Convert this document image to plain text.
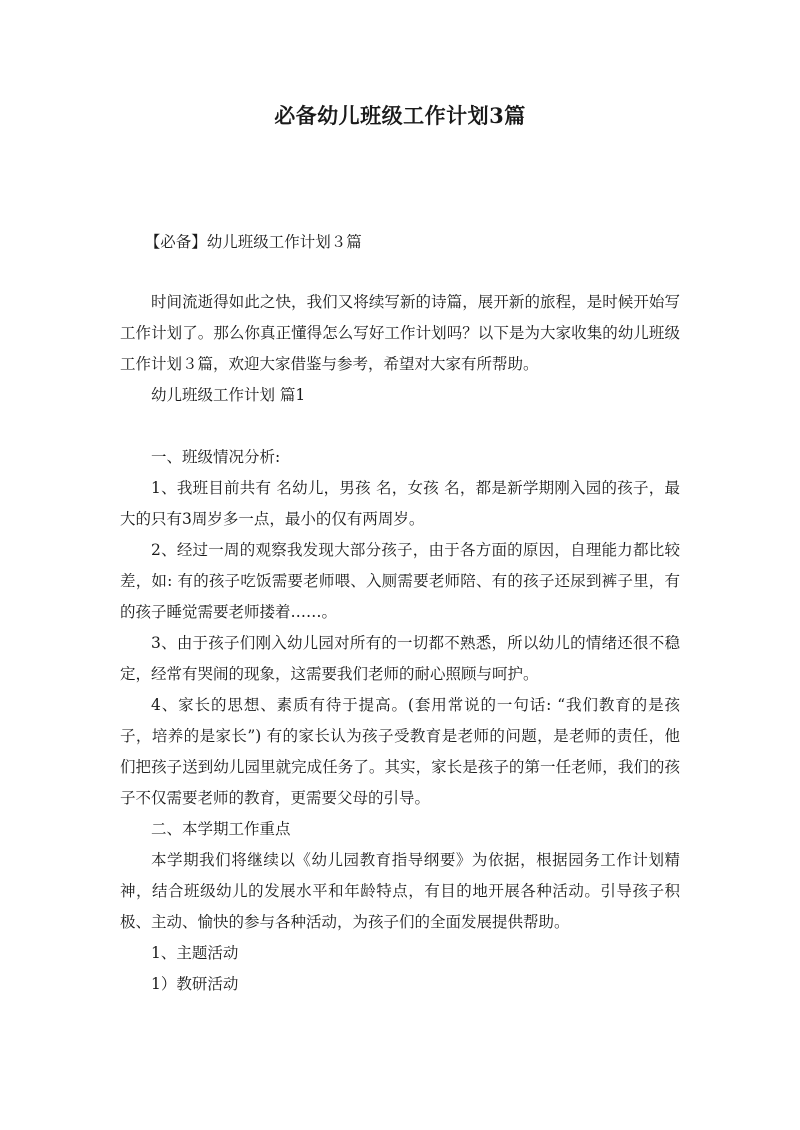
必备幼儿班级工作计划3篇

【必备】幼儿班级工作计划３篇

时间流逝得如此之快，我们又将续写新的诗篇，展开新的旅程，是时候开始写工作计划了。那么你真正懂得怎么写好工作计划吗？以下是为大家收集的幼儿班级工作计划３篇，欢迎大家借鉴与参考，希望对大家有所帮助。

幼儿班级工作计划 篇1

一、班级情况分析:

1、我班目前共有 名幼儿，男孩 名，女孩 名，都是新学期刚入园的孩子，最大的只有3周岁多一点，最小的仅有两周岁。

2、经过一周的观察我发现大部分孩子，由于各方面的原因，自理能力都比较差，如: 有的孩子吃饭需要老师喂、入厕需要老师陪、有的孩子还尿到裤子里，有的孩子睡觉需要老师搂着……。

3、由于孩子们刚入幼儿园对所有的一切都不熟悉，所以幼儿的情绪还很不稳定，经常有哭闹的现象，这需要我们老师的耐心照顾与呵护。

4、家长的思想、素质有待于提高。(套用常说的一句话: “我们教育的是孩子，培养的是家长”) 有的家长认为孩子受教育是老师的问题，是老师的责任，他们把孩子送到幼儿园里就完成任务了。其实，家长是孩子的第一任老师，我们的孩子不仅需要老师的教育，更需要父母的引导。

二、本学期工作重点

本学期我们将继续以《幼儿园教育指导纲要》为依据，根据园务工作计划精神，结合班级幼儿的发展水平和年龄特点，有目的地开展各种活动。引导孩子积极、主动、愉快的参与各种活动，为孩子们的全面发展提供帮助。

1、主题活动

1）教研活动
